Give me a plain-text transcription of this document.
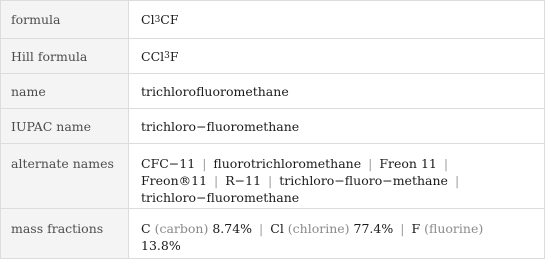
formula	Cl 3 CF
Hill formula	CCl 3 F
name	trichlorofluoromethane
IUPAC name	trichloro−fluoromethane
alternate names	CFC−11 | fluorotrichloromethane | Freon 11 |
Freon®11 | R−11 | trichloro−fluoro−methane |
trichloro−fluoromethane
mass fractions	C (carbon) 8.74% | Cl (chlorine) 77.4% | F (fluorine)
13.8%
